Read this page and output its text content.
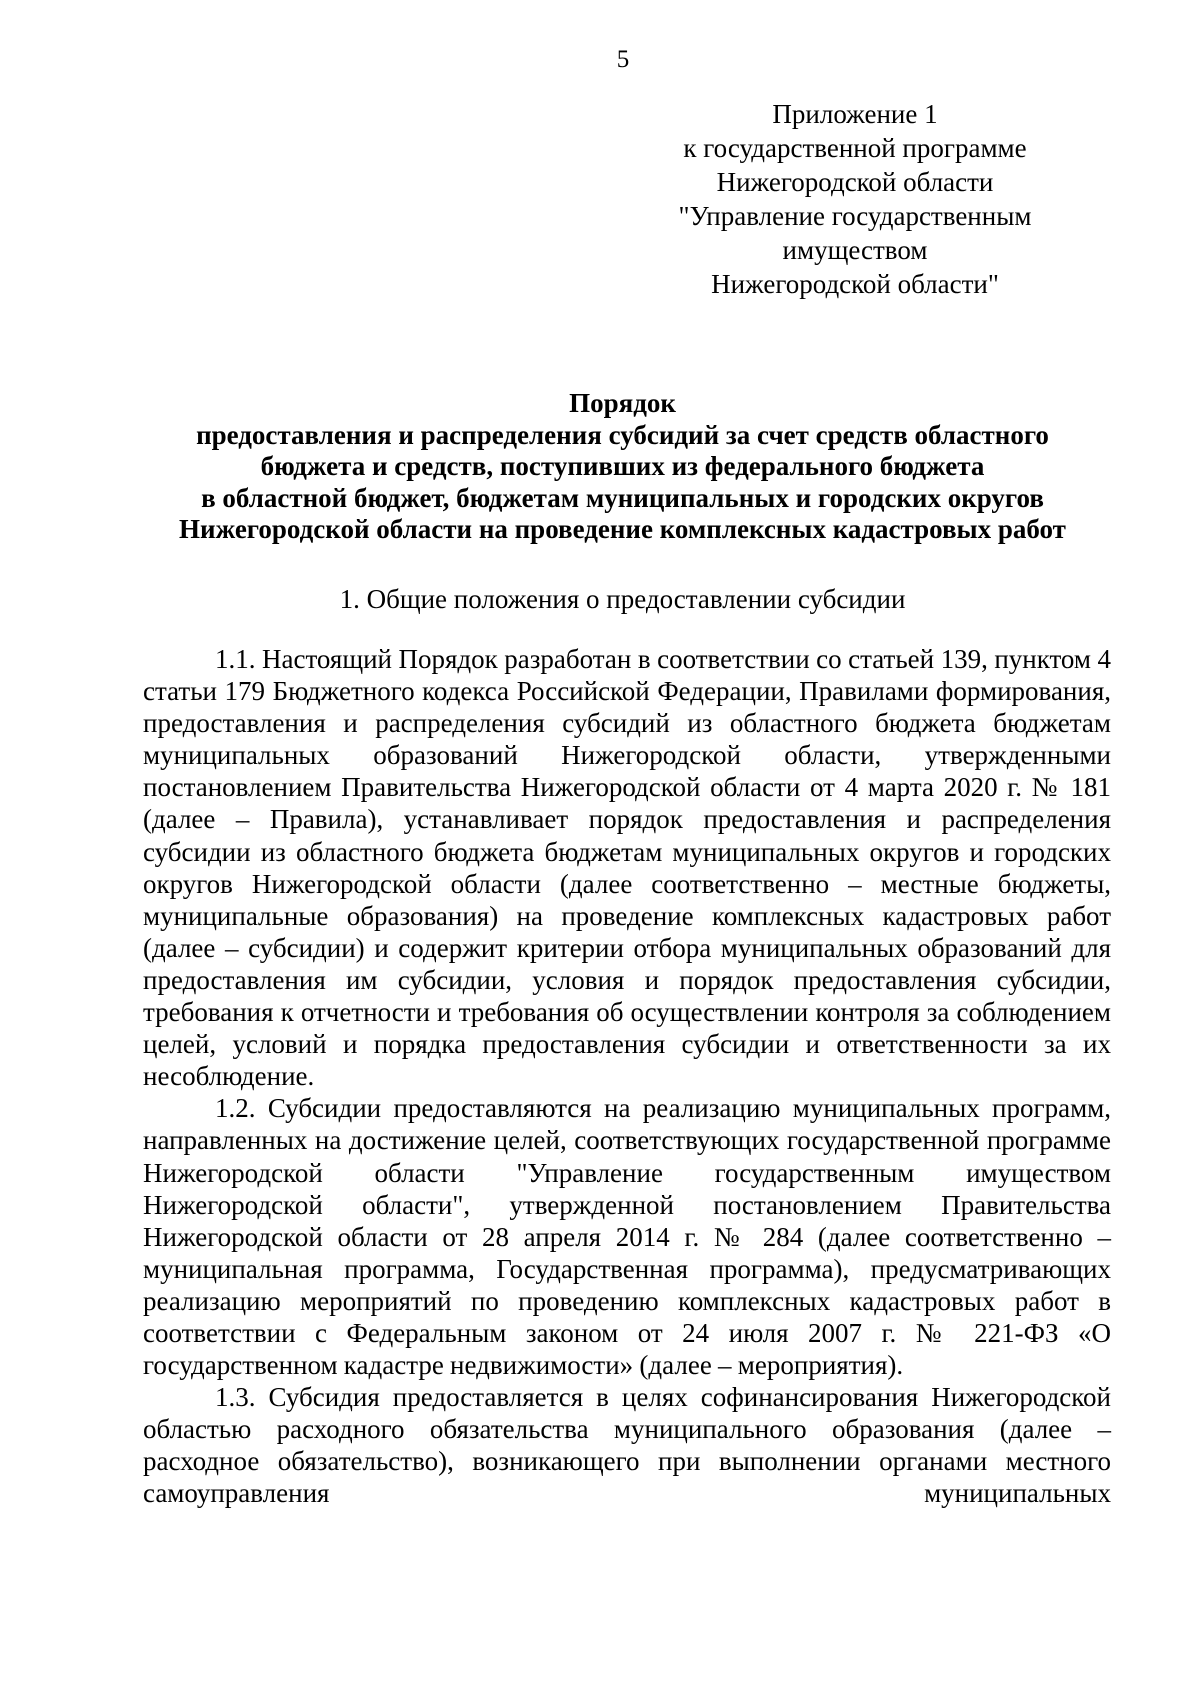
5
Приложение 1
к государственной программе
Нижегородской области
"Управление государственным
имуществом
Нижегородской области"
Порядок
предоставления и распределения субсидий за счет средств областного
бюджета и средств, поступивших из федерального бюджета
в областной бюджет, бюджетам муниципальных и городских округов
Нижегородской области на проведение комплексных кадастровых работ
1. Общие положения о предоставлении субсидии

1.1. Настоящий Порядок разработан в соответствии со статьей 139, пунктом 4 статьи 179 Бюджетного кодекса Российской Федерации, Правилами формирования, предоставления и распределения субсидий из областного бюджета бюджетам муниципальных образований Нижегородской области, утвержденными постановлением Правительства Нижегородской области от 4 марта 2020 г. № 181 (далее – Правила), устанавливает порядок предоставления и распределения субсидии из областного бюджета бюджетам муниципальных округов и городских округов Нижегородской области (далее соответственно – местные бюджеты, муниципальные образования) на проведение комплексных кадастровых работ (далее – субсидии) и содержит критерии отбора муниципальных образований для предоставления им субсидии, условия и порядок предоставления субсидии, требования к отчетности и требования об осуществлении контроля за соблюдением целей, условий и порядка предоставления субсидии и ответственности за их несоблюдение.

1.2. Субсидии предоставляются на реализацию муниципальных программ, направленных на достижение целей, соответствующих государственной программе Нижегородской области "Управление государственным имуществом Нижегородской области", утвержденной постановлением Правительства Нижегородской области от 28 апреля 2014 г. № 284 (далее соответственно – муниципальная программа, Государственная программа), предусматривающих реализацию мероприятий по проведению комплексных кадастровых работ в соответствии с Федеральным законом от 24 июля 2007 г. № 221-ФЗ «О государственном кадастре недвижимости» (далее – мероприятия).

1.3. Субсидия предоставляется в целях софинансирования Нижегородской областью расходного обязательства муниципального образования (далее – расходное обязательство), возникающего при выполнении органами местного самоуправления муниципальных
